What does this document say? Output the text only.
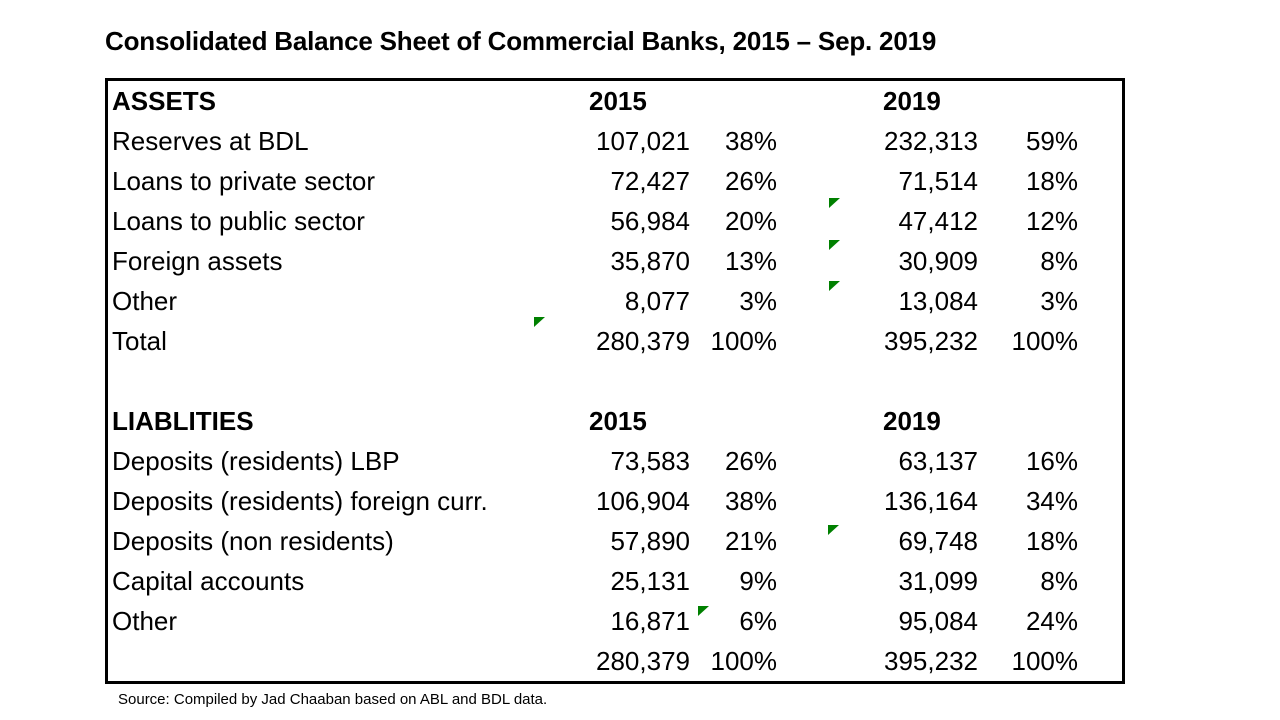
Consolidated Balance Sheet of Commercial Banks, 2015 – Sep. 2019
ASSETS	2015	2019
Reserves at BDL	107,021	38%	232,313	59%
Loans to private sector	72,427	26%	71,514	18%
Loans to public sector	56,984	20%	47,412	12%
Foreign assets	35,870	13%	30,909	8%
Other	8,077	3%	13,084	3%
Total	280,379 100%	395,232	100%
LIABLITIES	2015	2019
Deposits (residents) LBP	73,583	26%	63,137	16%
Deposits (residents) foreign curr.	106,904	38%	136,164	34%
Deposits (non residents)	57,890	21%	69,748	18%
Capital accounts	25,131	9%	31,099	8%
Other	16,871	6%	95,084	24%
280,379 100%	395,232	100%
Source: Compiled by Jad Chaaban based on ABL and BDL data.
